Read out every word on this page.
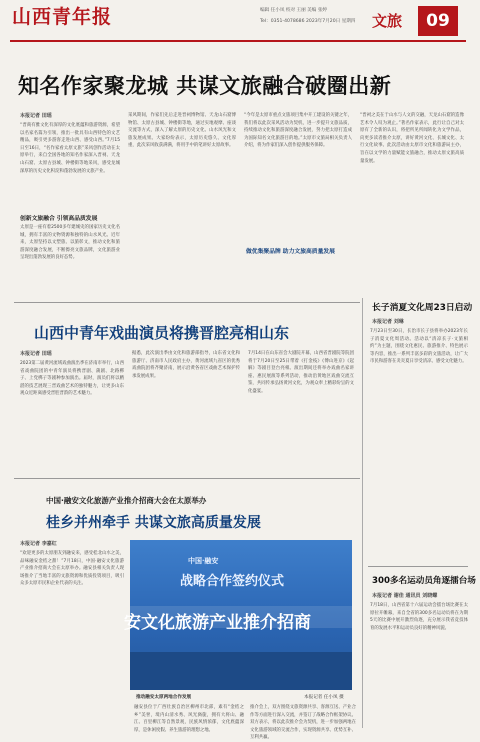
山西青年报	编辑 任小凤 校对 王丽 美编 张婷
Tel：0351-4078686 2023年7月20日 星期四 文旅	09
知名作家聚龙城 共谋文旅融合破圈出新
本报记者 田瑶
“晋商有雅文化有深厚的文化底蕴和旅游资源，希望以名家名篇为引领，推出一批具有山西特色的文艺精品，吸引更多游客走进山西、感受山西。”7月15日至16日，“名作家看太原文旅”采风创作活动在太原举行，来自全国各地的知名作家深入晋祠、天龙山石窟、太原古县城、钟楼街等地采风，感受龙城深厚的历史文化积淀和蓬勃发展的文旅产业。
创新文旅融合 引领高品质发展
太原是一座有着2500多年建城史的国家历史文化名城，拥有丰富的文物资源和独特的山水风光。近年来，太原坚持以文塑旅、以旅彰文，推动文化和旅游深度融合发展，不断擦亮文旅品牌，文化旅游业呈现出蓬勃发展的良好态势。
采风期间，作家们先后走进晋祠博物馆、天龙山石窟博物馆、太原古县城、钟楼街等地，通过实地观摩、座谈交流等方式，深入了解太原的历史文化、山水风光和文旅发展成果。大家纷纷表示，太原历史悠久、文化厚重，此次采风收获满满，将用手中的笔讲好太原故事。
“今年是太原市重点文旅项目集中开工建设的关键之年，我们将以此次采风活动为契机，进一步提升文旅品质，持续推动文化和旅游深度融合发展，努力把太原打造成为国际知名文化旅游目的地。”太原市文旅局相关负责人介绍，将为作家们深入创作提供服务保障。
“晋祠之美在于山水与人文的交融，天龙山石窟的造像艺术令人叹为观止。”著名作家表示，此行让自己对太原有了全新的认识，将把所见所闻转化为文学作品，向更多读者推介太原，讲好黄河文化、长城文化、太行文化故事。此次活动由太原市文化和旅游局主办，旨在以文学的力量赋能文旅融合，推动太原文旅高质量发展。
做优集聚品牌 助力文旅高质量发展
山西中青年戏曲演员将携晋腔亮相山东
本报记者 田瑶
2023第二届黄河流域戏曲演出季在济南市举行，山西省戏曲院团的中青年演员将携晋剧、蒲剧、北路梆子、上党梆子等剧种参加演出。届时，演员们将以精湛的技艺展现三晋戏曲艺术的独特魅力，让更多山东观众近距离感受晋腔晋韵的艺术魅力。
据悉，此次演出季由文化和旅游部指导，山东省文化和旅游厅、济南市人民政府主办，黄河流域九省区的优秀戏曲院团将齐聚济南，展示沿黄各省区戏曲艺术保护传承发展成果。
7月14日在山东省会大剧院开幕，山西省晋剧院等院团将于7月20日至25日带着《打金枝》《傅山进京》《起解》等剧目登台亮相。演出期间还将举办戏曲名家讲座、惠民展演等系列活动，推动沿黄地区戏曲交流互鉴，共同传承弘扬黄河文化，为观众奉上精彩纷呈的文化盛宴。
长子消夏文化周23日启动
本报记者 刘琳
7月23日至30日，长治市长子县将举办2023年长子消夏文化周活动。活动以“清凉长子·文旅相约”为主题，围绕文化惠民、旅游推介、特色展示等内容，推出一系列丰富多彩的文旅活动，让广大市民和游客在炎炎夏日享受清凉、感受文化魅力。
中国·融安文化旅游产业推介招商大会在太原举办
桂乡并州牵手 共谋文旅高质量发展
本报记者 李嘉红
“欢迎更多的太原朋友到融安来，感受桂北山水之美，品味融安金桔之甜！”7月18日，中国·融安文化旅游产业推介招商大会在太原举办。融安县相关负责人现场推介了当地丰富的文旅资源和优质投资项目，吸引众多太原市民和企业代表的关注。
中国·融安
战略合作签约仪式
安文化旅游产业推介招商
推动融安太原两地合作发展	本报记者 任小凤 摄
融安县位于广西壮族自治区柳州市北部，素有“金桔之乡”美誉，境内山清水秀、风光旖旎，拥有大将山、融江、百里柳江等自然景观，民族风情浓郁，文化底蕴深厚，是休闲度假、养生旅游的理想之地。
推介会上，双方围绕文旅资源共享、客源互送、产业合作等方面进行深入交流，并签订了战略合作框架协议。双方表示，将以此次推介会为契机，进一步加强两地在文化旅游领域的交流合作，实现资源共享、优势互补、互利共赢。
300多名运动员角逐擂台场
本报记者 谢佳 通讯员 刘晓蝶
7月18日，山西省第十六届运动会擂台场比赛在太原拉开帷幕，来自全省的300多名运动员将在为期5天的比赛中展开激烈角逐，充分展示我省竞技体育的发展水平和运动员良好的精神风貌。
